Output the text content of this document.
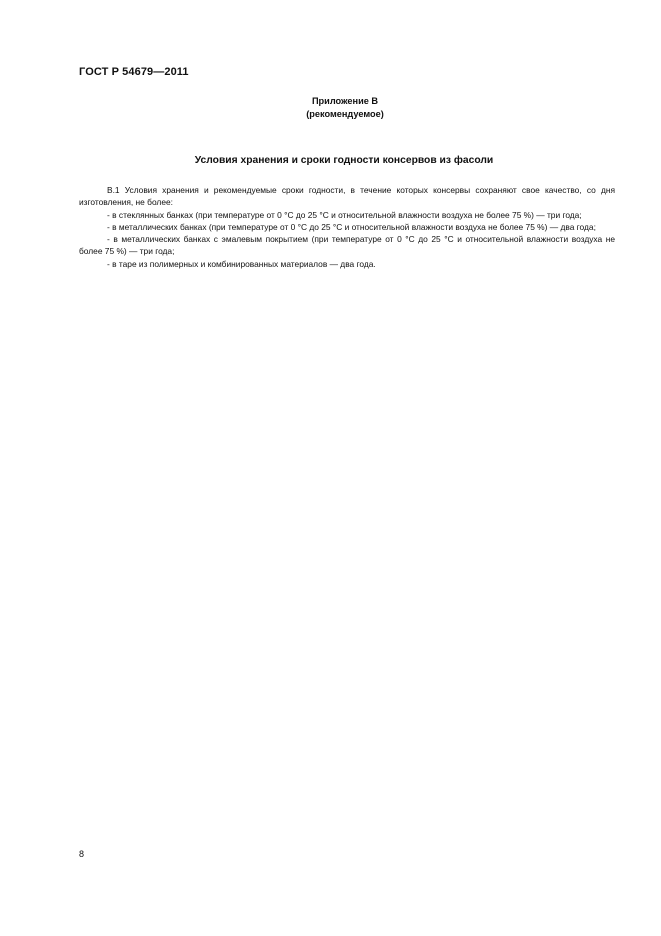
ГОСТ Р 54679—2011
Приложение В
(рекомендуемое)
Условия хранения и сроки годности консервов из фасоли

В.1 Условия хранения и рекомендуемые сроки годности, в течение которых консервы сохраняют свое качество, со дня изготовления, не более:

- в стеклянных банках (при температуре от 0 °С до 25 °С и относительной влажности воздуха не более 75 %) — три года;

- в металлических банках (при температуре от 0 °С до 25 °С и относительной влажности воздуха не более 75 %) — два года;

- в металлических банках с эмалевым покрытием (при температуре от 0 °С до 25 °С и относительной влажности воздуха не более 75 %) — три года;

- в таре из полимерных и комбинированных материалов — два года.

8
